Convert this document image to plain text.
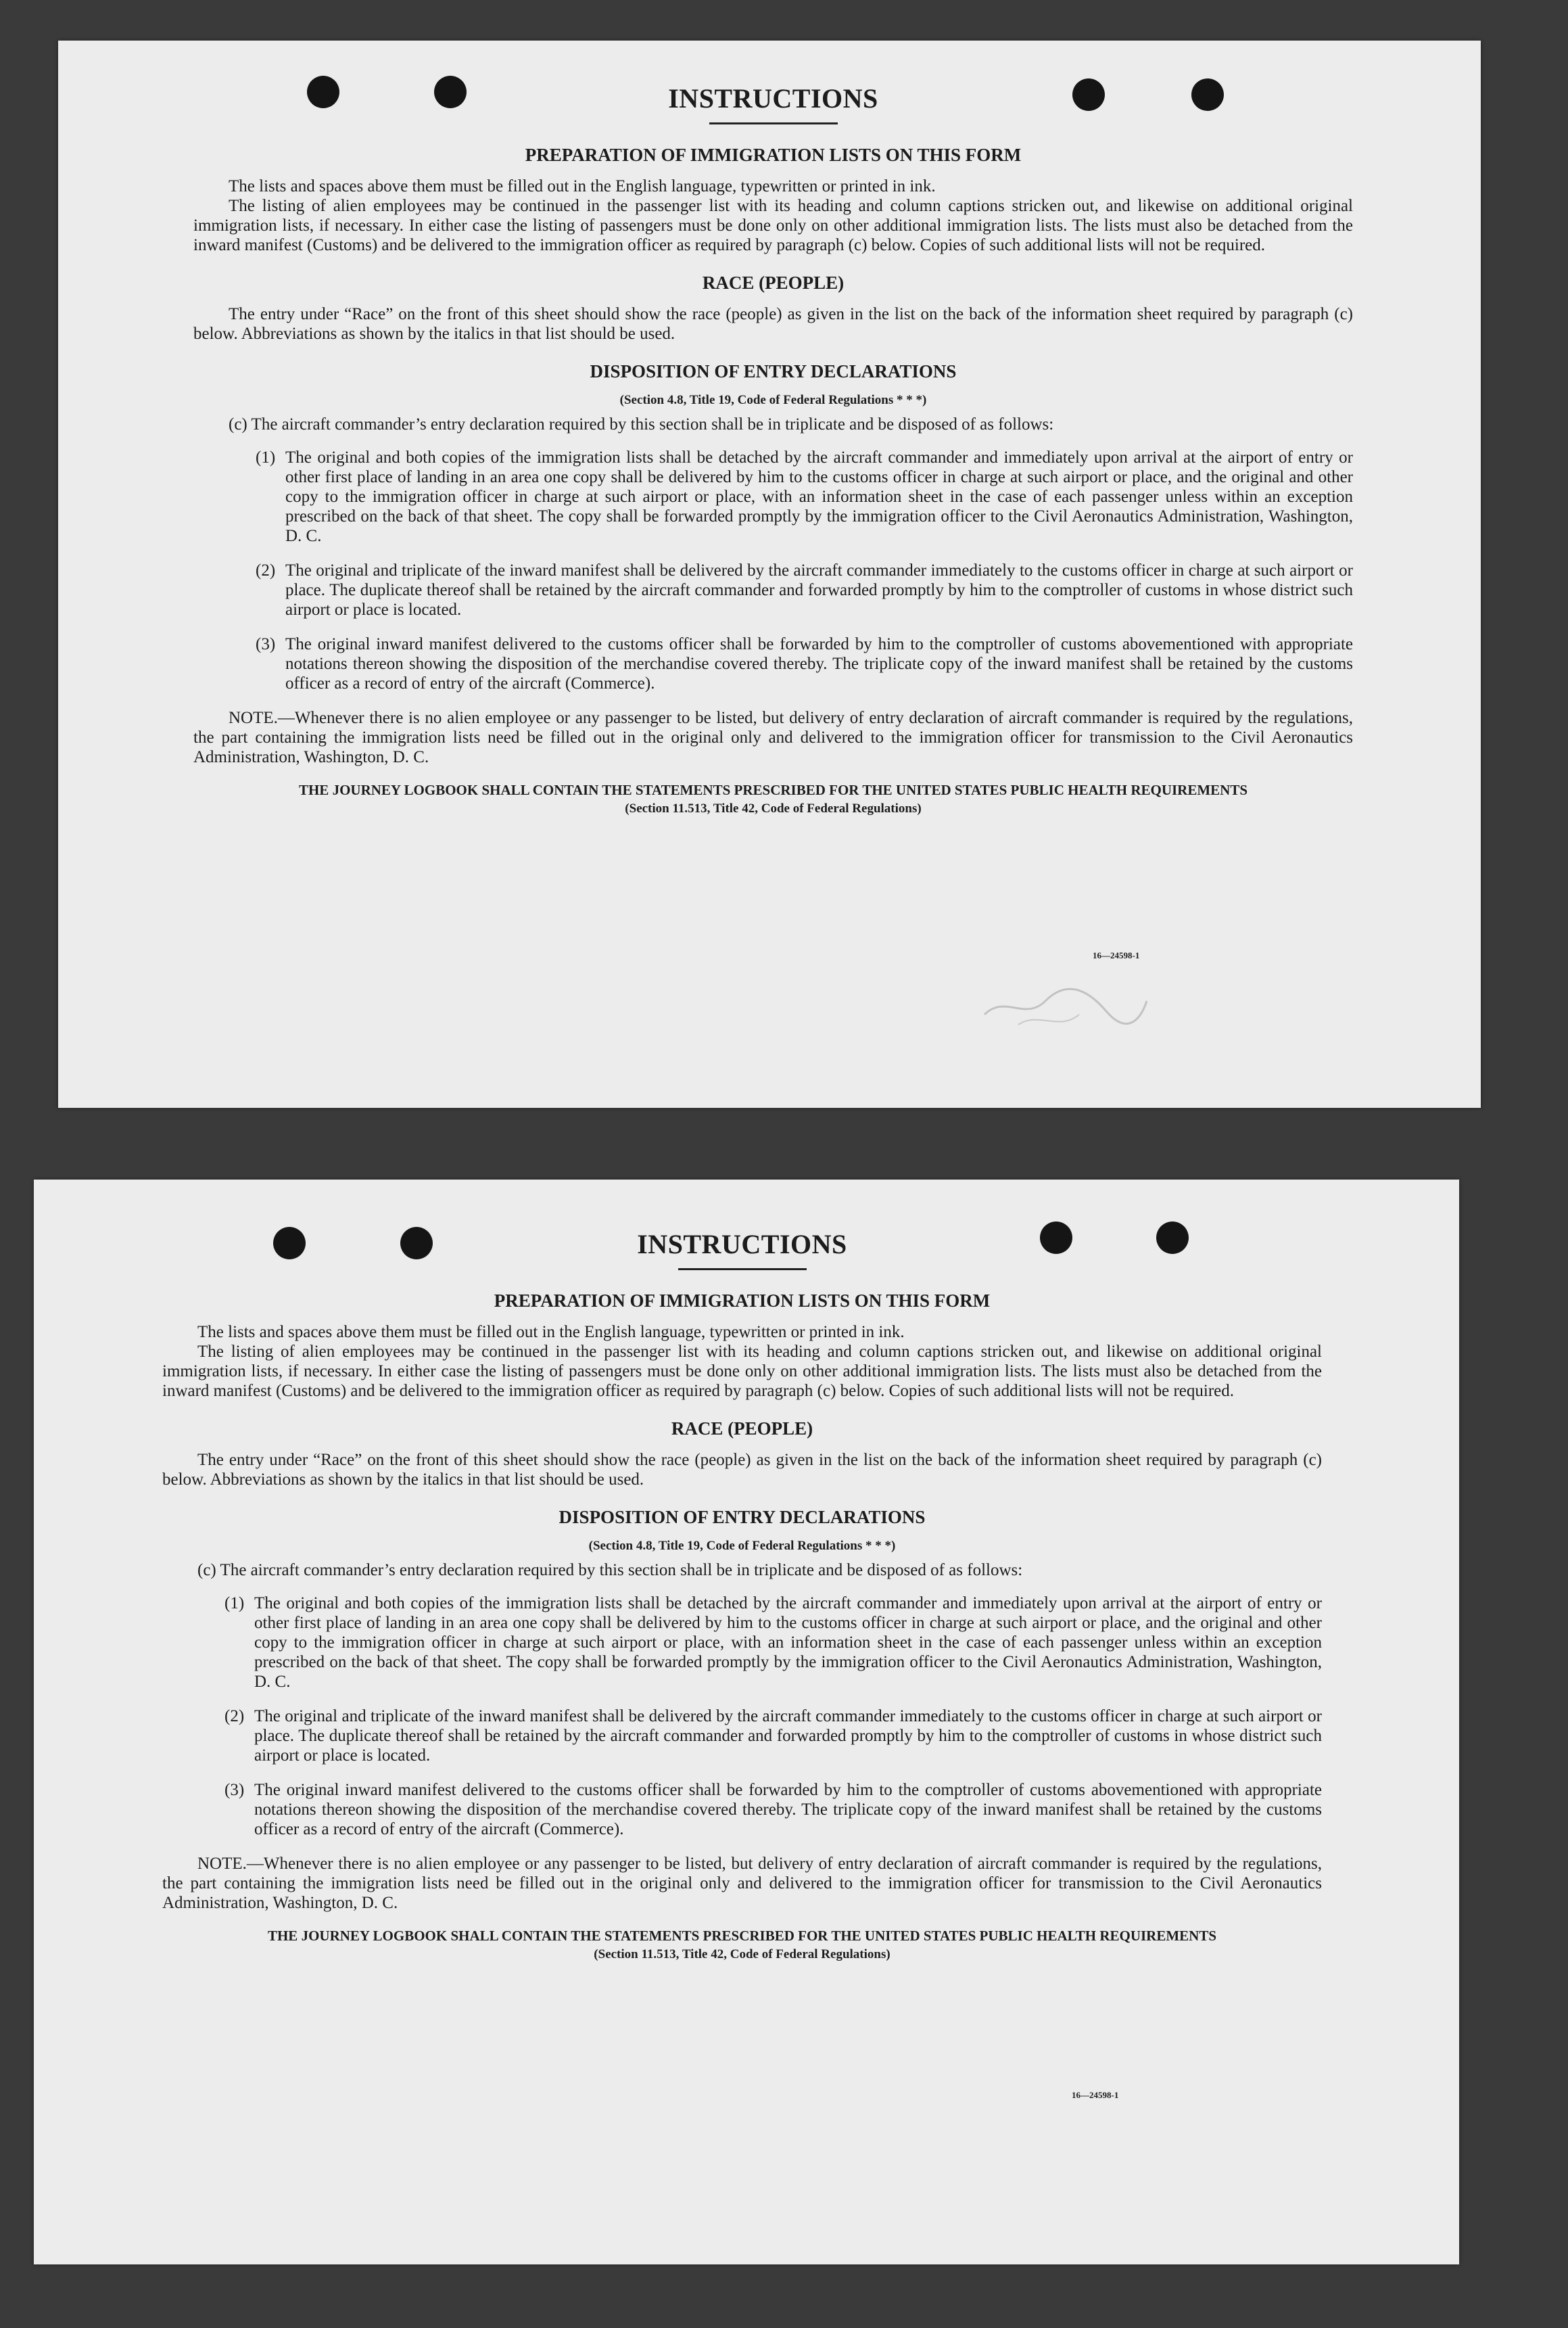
INSTRUCTIONS
PREPARATION OF IMMIGRATION LISTS ON THIS FORM

The lists and spaces above them must be filled out in the English language, typewritten or printed in ink.

The listing of alien employees may be continued in the passenger list with its heading and column captions stricken out, and likewise on additional original immigration lists, if necessary. In either case the listing of passengers must be done only on other additional immigration lists. The lists must also be detached from the inward manifest (Customs) and be delivered to the immigration officer as required by paragraph (c) below. Copies of such additional lists will not be required.

RACE (PEOPLE)

The entry under “Race” on the front of this sheet should show the race (people) as given in the list on the back of the information sheet required by paragraph (c) below. Abbreviations as shown by the italics in that list should be used.

DISPOSITION OF ENTRY DECLARATIONS
(Section 4.8, Title 19, Code of Federal Regulations * * *)

(c) The aircraft commander’s entry declaration required by this section shall be in triplicate and be disposed of as follows:

(1) The original and both copies of the immigration lists shall be detached by the aircraft commander and immediately upon arrival at the airport of entry or other first place of landing in an area one copy shall be delivered by him to the customs officer in charge at such airport or place, and the original and other copy to the immigration officer in charge at such airport or place, with an information sheet in the case of each passenger unless within an exception prescribed on the back of that sheet. The copy shall be forwarded promptly by the immigration officer to the Civil Aeronautics Administration, Washington, D. C.

(2) The original and triplicate of the inward manifest shall be delivered by the aircraft commander immediately to the customs officer in charge at such airport or place. The duplicate thereof shall be retained by the aircraft commander and forwarded promptly by him to the comptroller of customs in whose district such airport or place is located.

(3) The original inward manifest delivered to the customs officer shall be forwarded by him to the comptroller of customs abovementioned with appropriate notations thereon showing the disposition of the merchandise covered thereby. The triplicate copy of the inward manifest shall be retained by the customs officer as a record of entry of the aircraft (Commerce).

NOTE.—Whenever there is no alien employee or any passenger to be listed, but delivery of entry declaration of aircraft commander is required by the regulations, the part containing the immigration lists need be filled out in the original only and delivered to the immigration officer for transmission to the Civil Aeronautics Administration, Washington, D. C.

THE JOURNEY LOGBOOK SHALL CONTAIN THE STATEMENTS PRESCRIBED FOR THE UNITED STATES PUBLIC HEALTH REQUIREMENTS
(Section 11.513, Title 42, Code of Federal Regulations)
16—24598-1
INSTRUCTIONS
PREPARATION OF IMMIGRATION LISTS ON THIS FORM

The lists and spaces above them must be filled out in the English language, typewritten or printed in ink.

The listing of alien employees may be continued in the passenger list with its heading and column captions stricken out, and likewise on additional original immigration lists, if necessary. In either case the listing of passengers must be done only on other additional immigration lists. The lists must also be detached from the inward manifest (Customs) and be delivered to the immigration officer as required by paragraph (c) below. Copies of such additional lists will not be required.

RACE (PEOPLE)

The entry under “Race” on the front of this sheet should show the race (people) as given in the list on the back of the information sheet required by paragraph (c) below. Abbreviations as shown by the italics in that list should be used.

DISPOSITION OF ENTRY DECLARATIONS
(Section 4.8, Title 19, Code of Federal Regulations * * *)

(c) The aircraft commander’s entry declaration required by this section shall be in triplicate and be disposed of as follows:

(1) The original and both copies of the immigration lists shall be detached by the aircraft commander and immediately upon arrival at the airport of entry or other first place of landing in an area one copy shall be delivered by him to the customs officer in charge at such airport or place, and the original and other copy to the immigration officer in charge at such airport or place, with an information sheet in the case of each passenger unless within an exception prescribed on the back of that sheet. The copy shall be forwarded promptly by the immigration officer to the Civil Aeronautics Administration, Washington, D. C.

(2) The original and triplicate of the inward manifest shall be delivered by the aircraft commander immediately to the customs officer in charge at such airport or place. The duplicate thereof shall be retained by the aircraft commander and forwarded promptly by him to the comptroller of customs in whose district such airport or place is located.

(3) The original inward manifest delivered to the customs officer shall be forwarded by him to the comptroller of customs abovementioned with appropriate notations thereon showing the disposition of the merchandise covered thereby. The triplicate copy of the inward manifest shall be retained by the customs officer as a record of entry of the aircraft (Commerce).

NOTE.—Whenever there is no alien employee or any passenger to be listed, but delivery of entry declaration of aircraft commander is required by the regulations, the part containing the immigration lists need be filled out in the original only and delivered to the immigration officer for transmission to the Civil Aeronautics Administration, Washington, D. C.

THE JOURNEY LOGBOOK SHALL CONTAIN THE STATEMENTS PRESCRIBED FOR THE UNITED STATES PUBLIC HEALTH REQUIREMENTS
(Section 11.513, Title 42, Code of Federal Regulations)
16—24598-1
